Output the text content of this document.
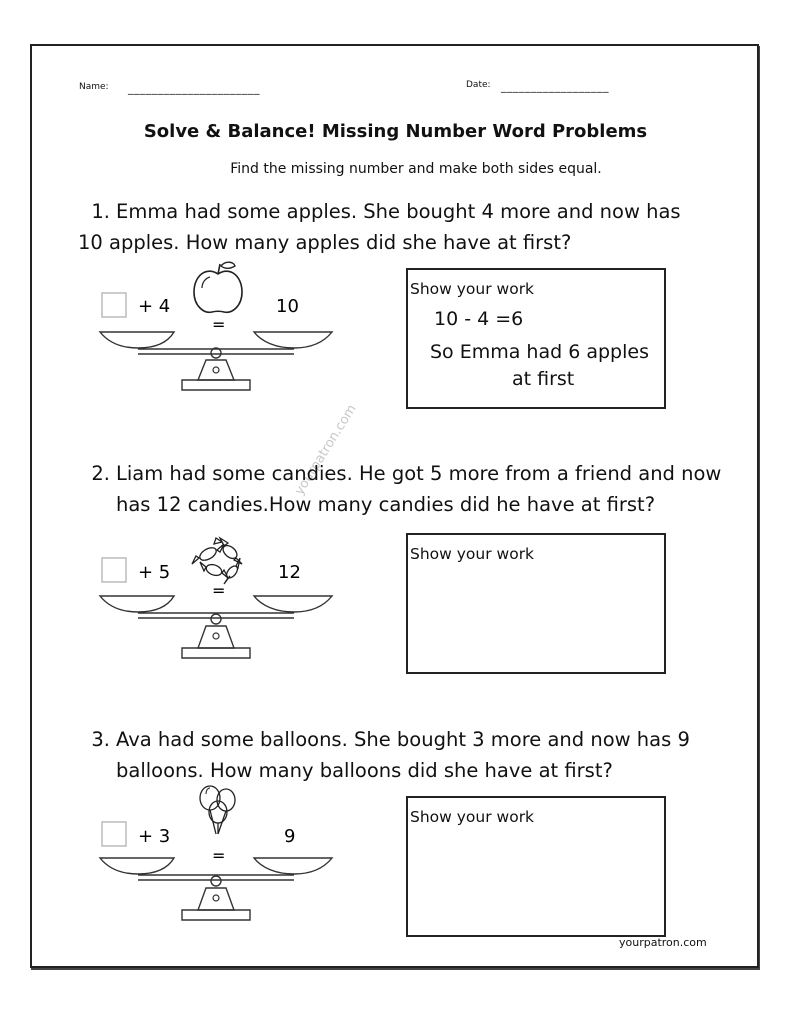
Name: ______________________	Date: __________________
Solve & Balance! Missing Number Word Problems
Find the missing number and make both sides equal.
yourpatron.com
1. Emma had some apples. She bought 4 more and now has
10 apples. How many apples did she have at first?
+ 4
=
10
Show your work
10 - 4 =6
So Emma had 6 apples
at first
2. Liam had some candies. He got 5 more from a friend and now
has 12 candies.How many candies did he have at first?
+ 5
=
12
Show your work
3. Ava had some balloons. She bought 3 more and now has 9
balloons. How many balloons did she have at first?
+ 3
=
9
Show your work
yourpatron.com
